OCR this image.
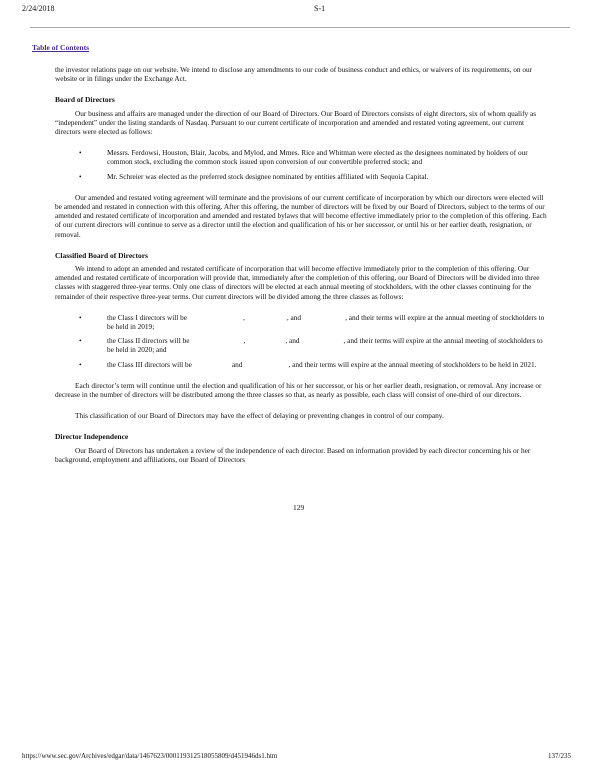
2/24/2018	S-1
Table of Contents

the investor relations page on our website. We intend to disclose any amendments to our code of business conduct and ethics, or waivers of its requirements, on our website or in filings under the Exchange Act.

Board of Directors

Our business and affairs are managed under the direction of our Board of Directors. Our Board of Directors consists of eight directors, six of whom qualify as “independent” under the listing standards of Nasdaq. Pursuant to our current certificate of incorporation and amended and restated voting agreement, our current directors were elected as follows:

•	Messrs. Ferdowsi, Houston, Blair, Jacobs, and Mylod, and Mmes. Rice and Whitman were elected as the designees nominated by holders of our common stock, excluding the common stock issued upon conversion of our convertible preferred stock; and
•	Mr. Schreier was elected as the preferred stock designee nominated by entities affiliated with Sequoia Capital.

Our amended and restated voting agreement will terminate and the provisions of our current certificate of incorporation by which our directors were elected will be amended and restated in connection with this offering. After this offering, the number of directors will be fixed by our Board of Directors, subject to the terms of our amended and restated certificate of incorporation and amended and restated bylaws that will become effective immediately prior to the completion of this offering. Each of our current directors will continue to serve as a director until the election and qualification of his or her successor, or until his or her earlier death, resignation, or removal.

Classified Board of Directors

We intend to adopt an amended and restated certificate of incorporation that will become effective immediately prior to the completion of this offering. Our amended and restated certificate of incorporation will provide that, immediately after the completion of this offering, our Board of Directors will be divided into three classes with staggered three-year terms. Only one class of directors will be elected at each annual meeting of stockholders, with the other classes continuing for the remainder of their respective three-year terms. Our current directors will be divided among the three classes as follows:

•	the Class I directors will be	,	, and	, and their terms will expire at the annual meeting of stockholders to be held in 2019;
•	the Class II directors will be	,	, and	, and their terms will expire at the annual meeting of stockholders to be held in 2020; and
•	the Class III directors will be	and	, and their terms will expire at the annual meeting of stockholders to be held in 2021.

Each director’s term will continue until the election and qualification of his or her successor, or his or her earlier death, resignation, or removal. Any increase or decrease in the number of directors will be distributed among the three classes so that, as nearly as possible, each class will consist of one-third of our directors.

This classification of our Board of Directors may have the effect of delaying or preventing changes in control of our company.

Director Independence

Our Board of Directors has undertaken a review of the independence of each director. Based on information provided by each director concerning his or her background, employment and affiliations, our Board of Directors

129
https://www.sec.gov/Archives/edgar/data/1467623/000119312518055809/d451946ds1.htm	137/235
